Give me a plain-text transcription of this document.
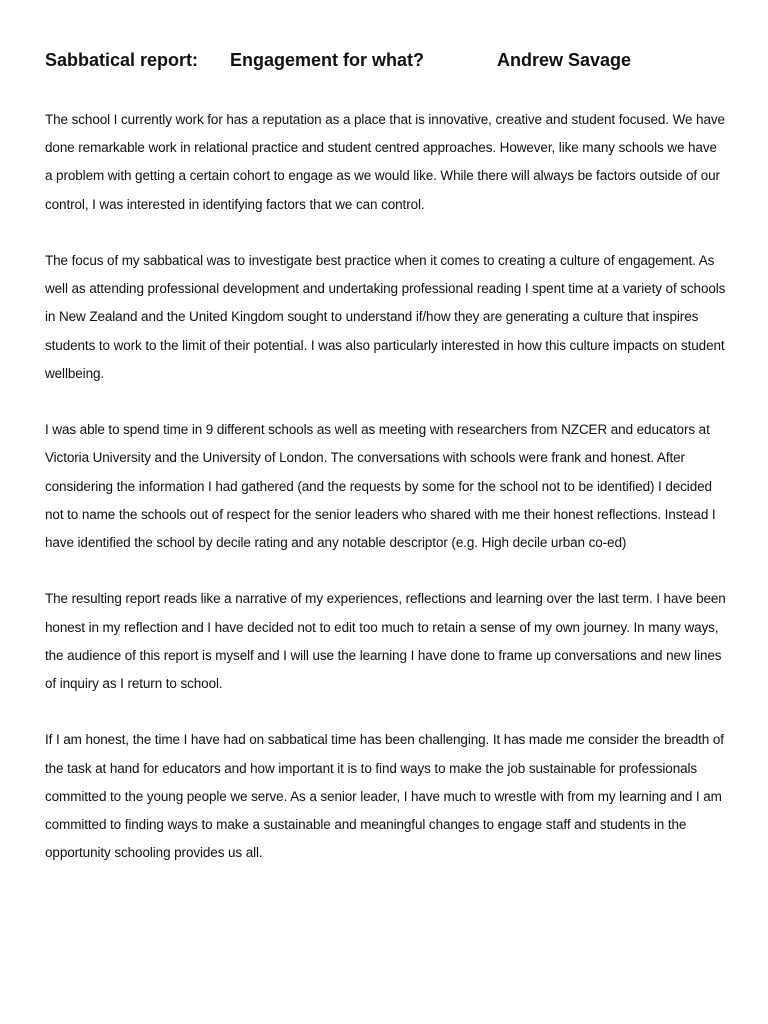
Sabbatical report: Engagement for what?	Andrew Savage

The school I currently work for has a reputation as a place that is innovative, creative and student focused. We have done remarkable work in relational practice and student centred approaches. However, like many schools we have a problem with getting a certain cohort to engage as we would like. While there will always be factors outside of our control, I was interested in identifying factors that we can control.

The focus of my sabbatical was to investigate best practice when it comes to creating a culture of engagement. As well as attending professional development and undertaking professional reading I spent time at a variety of schools in New Zealand and the United Kingdom sought to understand if/how they are generating a culture that inspires students to work to the limit of their potential. I was also particularly interested in how this culture impacts on student wellbeing.

I was able to spend time in 9 different schools as well as meeting with researchers from NZCER and educators at Victoria University and the University of London. The conversations with schools were frank and honest. After considering the information I had gathered (and the requests by some for the school not to be identified) I decided not to name the schools out of respect for the senior leaders who shared with me their honest reflections. Instead I have identified the school by decile rating and any notable descriptor (e.g. High decile urban co-ed)

The resulting report reads like a narrative of my experiences, reflections and learning over the last term. I have been honest in my reflection and I have decided not to edit too much to retain a sense of my own journey. In many ways, the audience of this report is myself and I will use the learning I have done to frame up conversations and new lines of inquiry as I return to school.

If I am honest, the time I have had on sabbatical time has been challenging. It has made me consider the breadth of the task at hand for educators and how important it is to find ways to make the job sustainable for professionals committed to the young people we serve. As a senior leader, I have much to wrestle with from my learning and I am committed to finding ways to make a sustainable and meaningful changes to engage staff and students in the opportunity schooling provides us all.
